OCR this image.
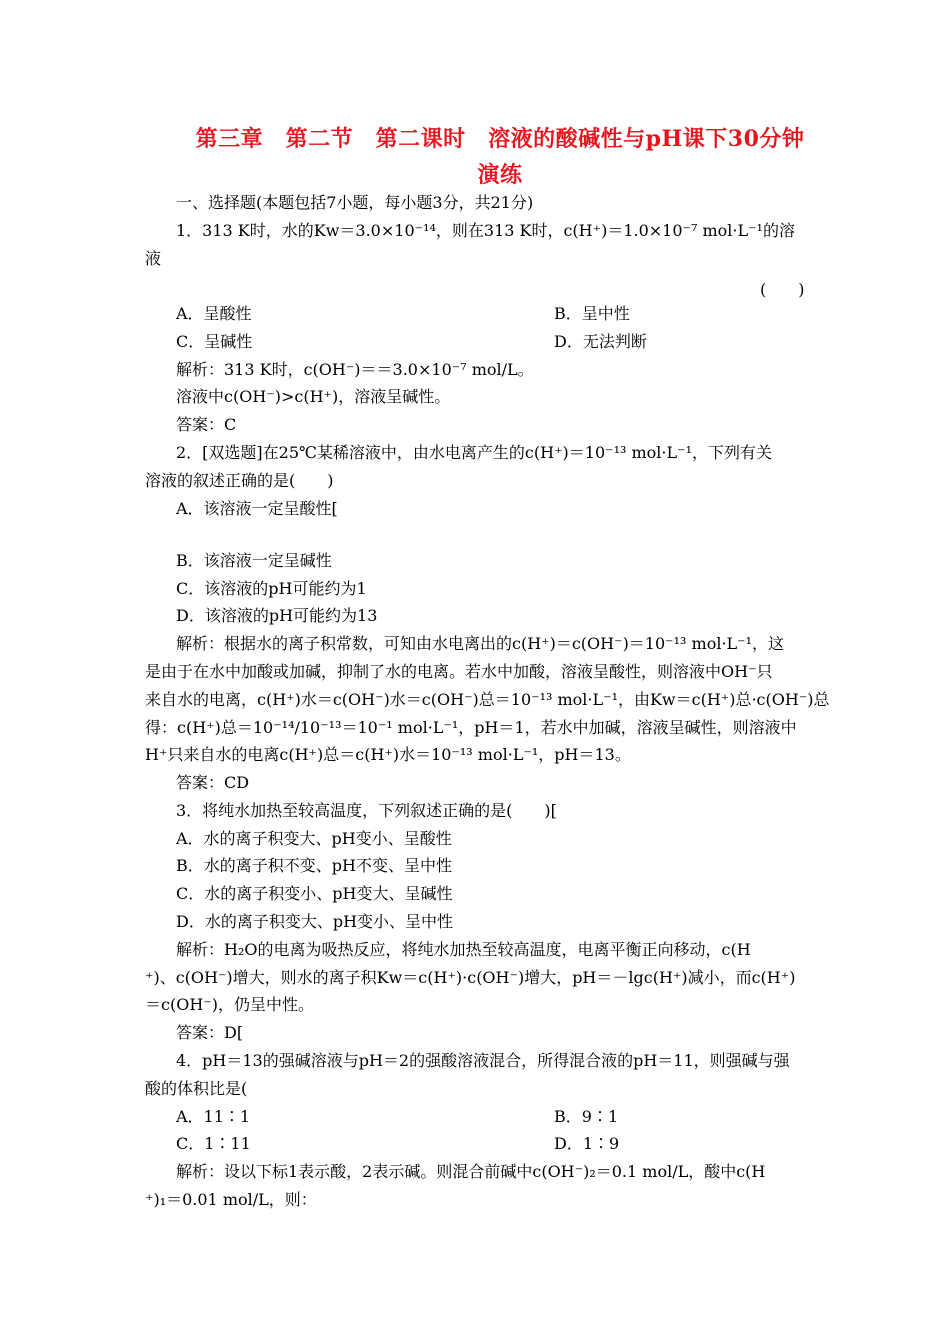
第三章　第二节　第二课时　溶液的酸碱性与pH课下30分钟
演练
一、选择题(本题包括7小题，每小题3分，共21分)
1．313 K时，水的Kw＝3.0×10⁻¹⁴，则在313 K时，c(H⁺)＝1.0×10⁻⁷ mol·L⁻¹的溶
液
(　　)
A．呈酸性	B．呈中性
C．呈碱性	D．无法判断
解析：313 K时，c(OH⁻)＝＝3.0×10⁻⁷ mol/L。
溶液中c(OH⁻)>c(H⁺)，溶液呈碱性。
答案：C
2．[双选题]在25℃某稀溶液中，由水电离产生的c(H⁺)＝10⁻¹³ mol·L⁻¹，下列有关
溶液的叙述正确的是(　　)
A．该溶液一定呈酸性[
B．该溶液一定呈碱性
C．该溶液的pH可能约为1
D．该溶液的pH可能约为13
解析：根据水的离子积常数，可知由水电离出的c(H⁺)＝c(OH⁻)＝10⁻¹³ mol·L⁻¹，这
是由于在水中加酸或加碱，抑制了水的电离。若水中加酸，溶液呈酸性，则溶液中OH⁻只
来自水的电离，c(H⁺)水＝c(OH⁻)水＝c(OH⁻)总＝10⁻¹³ mol·L⁻¹，由Kw＝c(H⁺)总·c(OH⁻)总
得：c(H⁺)总＝10⁻¹⁴/10⁻¹³＝10⁻¹ mol·L⁻¹，pH＝1，若水中加碱，溶液呈碱性，则溶液中
H⁺只来自水的电离c(H⁺)总＝c(H⁺)水＝10⁻¹³ mol·L⁻¹，pH＝13。
答案：CD
3．将纯水加热至较高温度，下列叙述正确的是(　　)[
A．水的离子积变大、pH变小、呈酸性
B．水的离子积不变、pH不变、呈中性
C．水的离子积变小、pH变大、呈碱性
D．水的离子积变大、pH变小、呈中性
解析：H₂O的电离为吸热反应，将纯水加热至较高温度，电离平衡正向移动，c(H
⁺)、c(OH⁻)增大，则水的离子积Kw＝c(H⁺)·c(OH⁻)增大，pH＝－lgc(H⁺)减小，而c(H⁺)
＝c(OH⁻)，仍呈中性。
答案：D[
4．pH＝13的强碱溶液与pH＝2的强酸溶液混合，所得混合液的pH＝11，则强碱与强
酸的体积比是(
A．11∶1	B．9∶1
C．1∶11	D．1∶9
解析：设以下标1表示酸，2表示碱。则混合前碱中c(OH⁻)₂＝0.1 mol/L，酸中c(H
⁺)₁＝0.01 mol/L，则：
